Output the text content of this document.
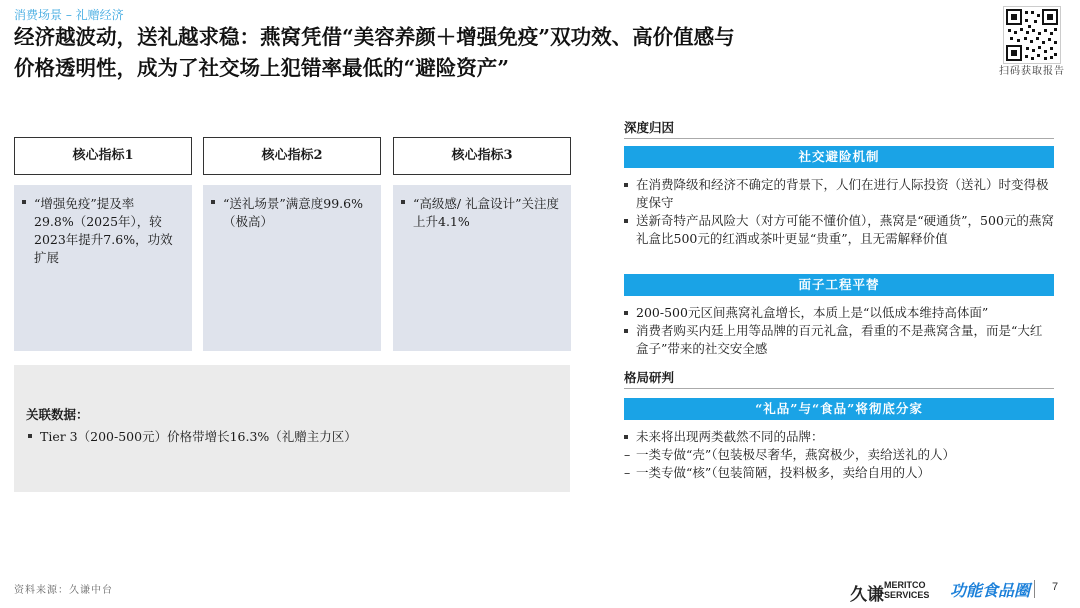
消费场景 – 礼赠经济
经济越波动，送礼越求稳：燕窝凭借“美容养颜＋增强免疫”双功效、高价值感与
价格透明性，成为了社交场上犯错率最低的“避险资产”	扫码获取报告
核心指标1	核心指标2	核心指标3
“增强免疫”提及率29.8%（2025年），较2023年提升7.6%，功效扩展
“送礼场景”满意度99.6%（极高）
“高级感/ 礼盒设计”关注度上升4.1%
关联数据：
Tier 3（200-500元）价格带增长16.3%（礼赠主力区）
深度归因
社交避险机制
在消费降级和经济不确定的背景下，人们在进行人际投资（送礼）时变得极度保守
送新奇特产品风险大（对方可能不懂价值），燕窝是“硬通货”，500元的燕窝礼盒比500元的红酒或茶叶更显“贵重”，且无需解释价值
面子工程平替
200-500元区间燕窝礼盒增长，本质上是“以低成本维持高体面”
消费者购买内廷上用等品牌的百元礼盒，看重的不是燕窝含量，而是“大红盒子”带来的社交安全感
格局研判
“礼品”与“食品”将彻底分家
未来将出现两类截然不同的品牌：
– 一类专做“壳”（包装极尽奢华，燕窝极少，卖给送礼的人）
– 一类专做“核”（包装简陋，投料极多，卖给自用的人）
资料来源：久谦中台	久谦 MERITCO
SERVICES 功能食品圈 7
